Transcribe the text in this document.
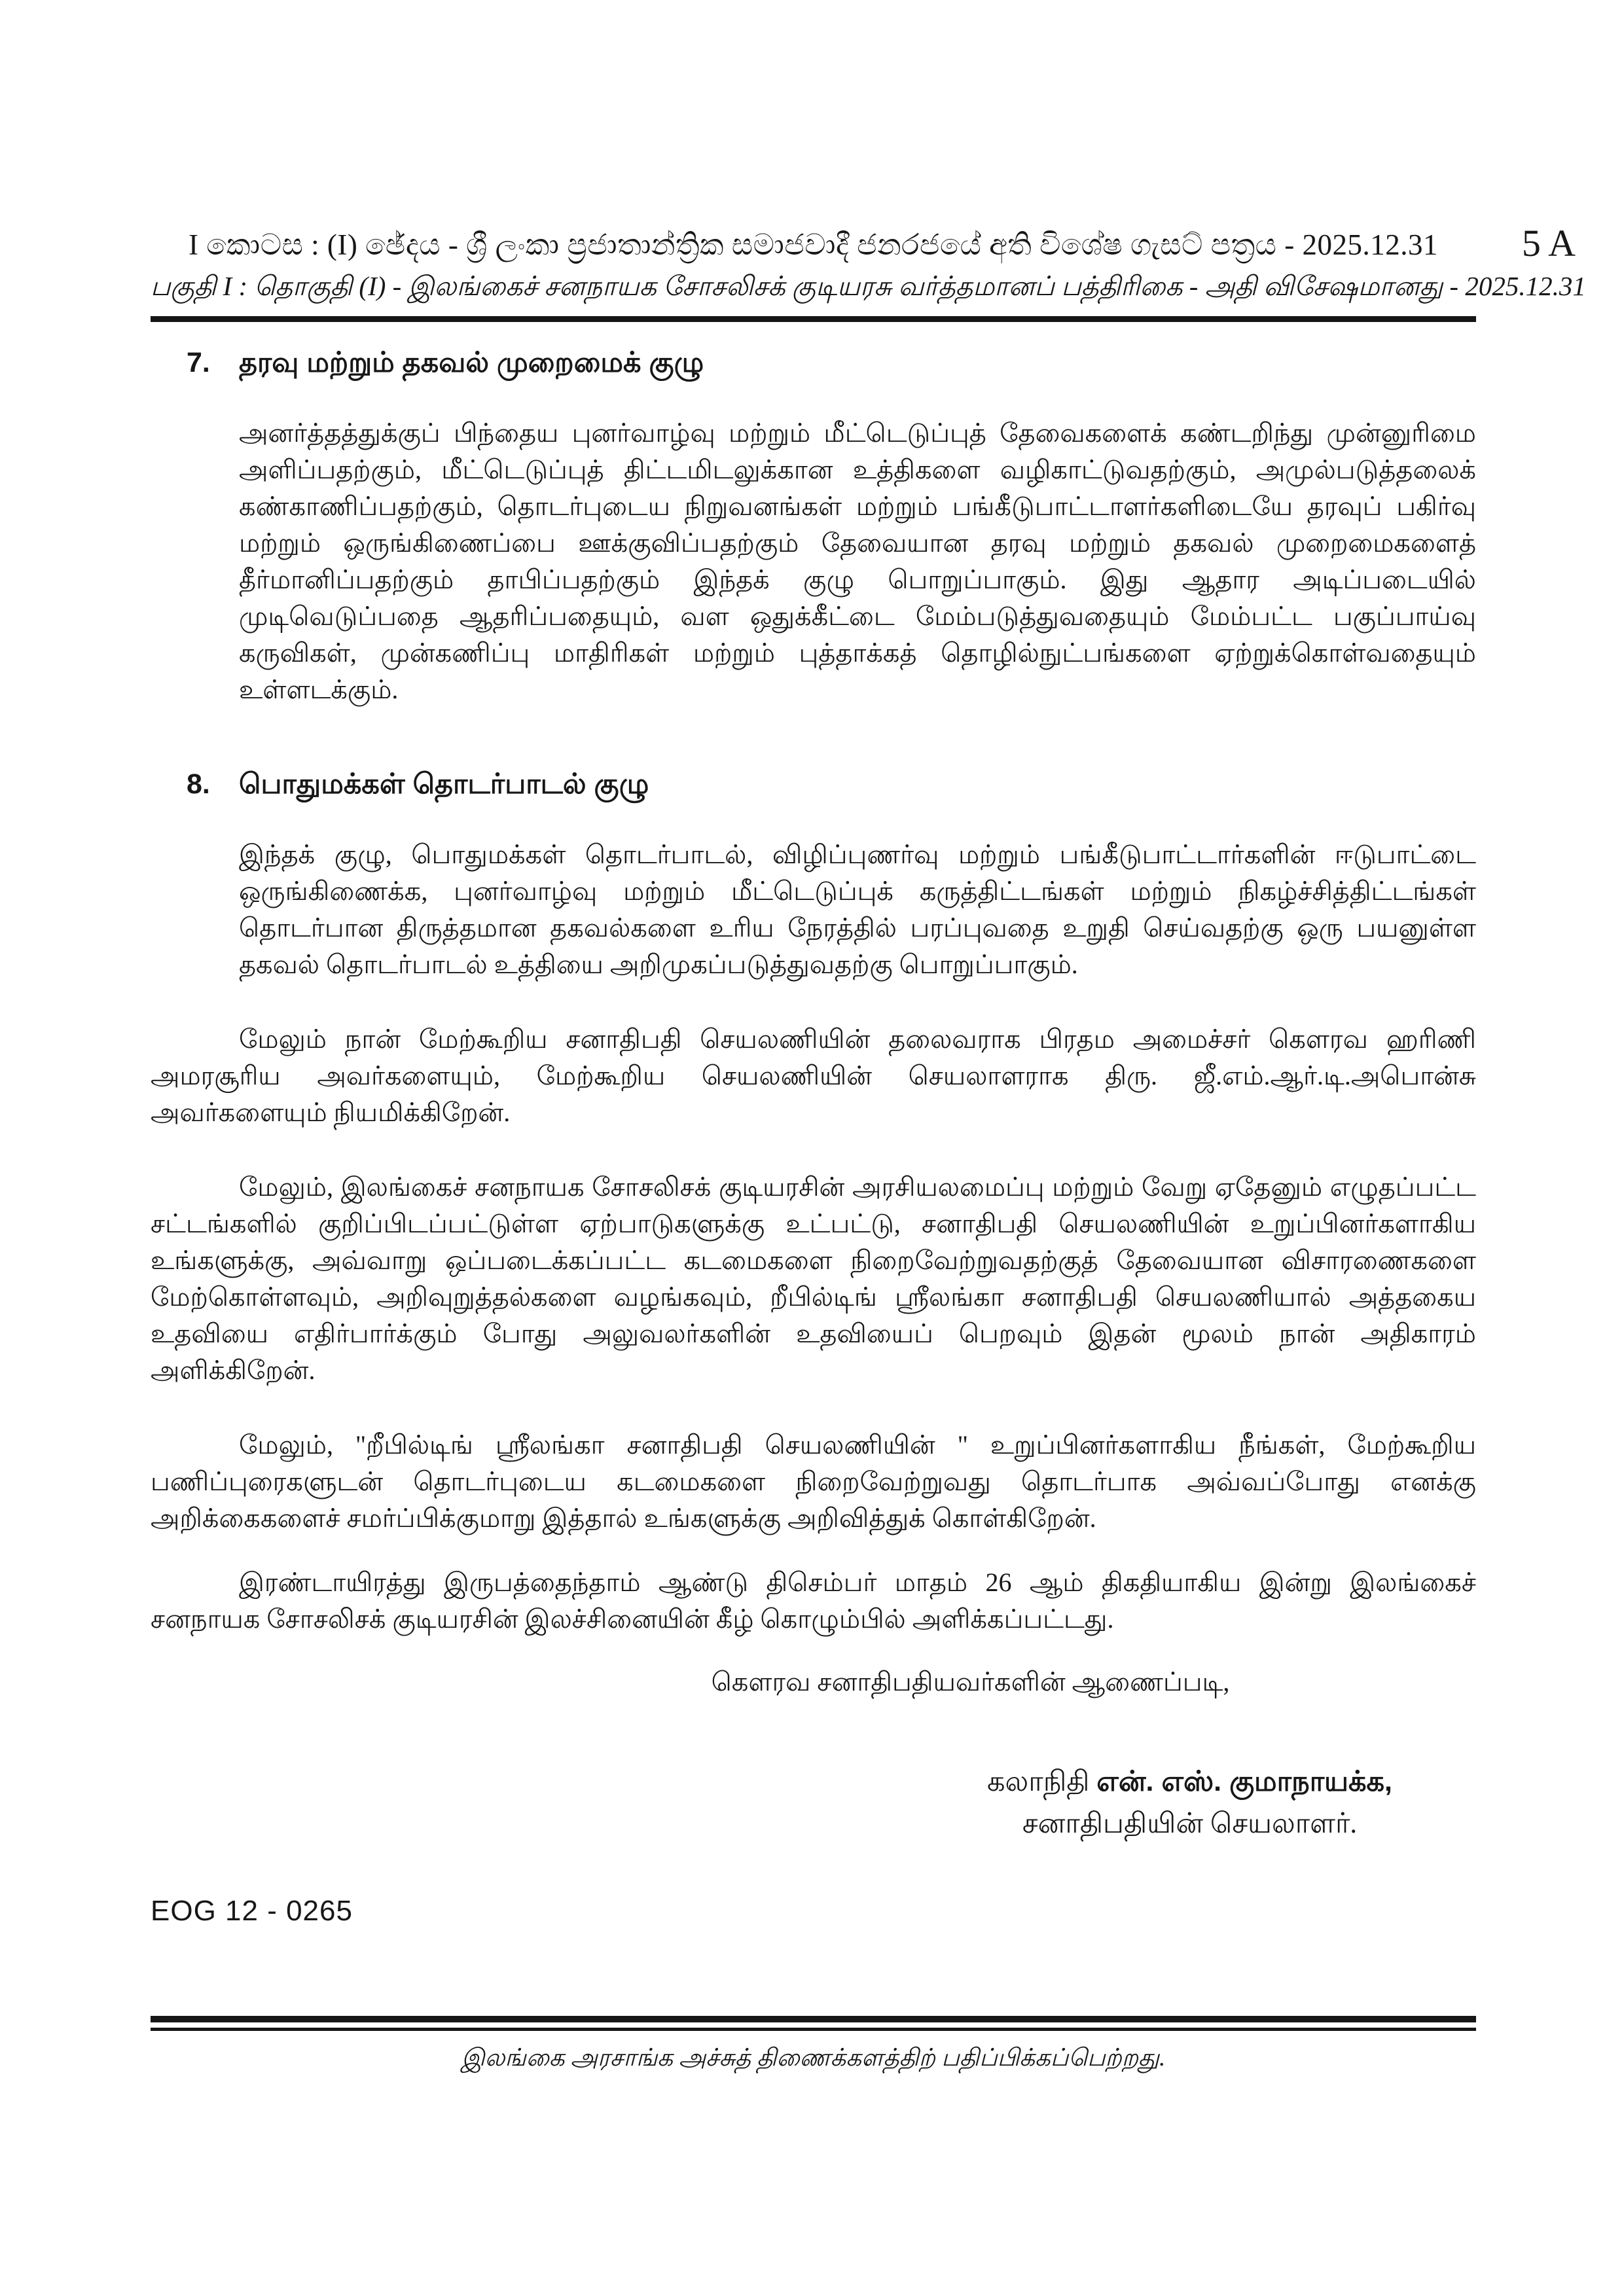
5 A
I කොටස : (I) ඡේදය - ශ්‍රී ලංකා ප්‍රජාතාන්ත්‍රික සමාජවාදී ජනරජයේ අති විශේෂ ගැසට් පත්‍රය - 2025.12.31
பகுதி I : தொகுதி (I) - இலங்கைச் சனநாயக சோசலிசக் குடியரசு வர்த்தமானப் பத்திரிகை - அதி விசேஷமானது - 2025.12.31
7.	தரவு மற்றும் தகவல் முறைமைக் குழு

அனர்த்தத்துக்குப் பிந்தைய புனர்வாழ்வு மற்றும் மீட்டெடுப்புத் தேவைகளைக் கண்டறிந்து முன்னுரிமை அளிப்பதற்கும், மீட்டெடுப்புத் திட்டமிடலுக்கான உத்திகளை வழிகாட்டுவதற்கும், அமுல்படுத்தலைக் கண்காணிப்பதற்கும், தொடர்புடைய நிறுவனங்கள் மற்றும் பங்கீடுபாட்டாளர்களிடையே தரவுப் பகிர்வு மற்றும் ஒருங்கிணைப்பை ஊக்குவிப்பதற்கும் தேவையான தரவு மற்றும் தகவல் முறைமைகளைத் தீர்மானிப்பதற்கும் தாபிப்பதற்கும் இந்தக் குழு பொறுப்பாகும். இது ஆதார அடிப்படையில் முடிவெடுப்பதை ஆதரிப்பதையும், வள ஒதுக்கீட்டை மேம்படுத்துவதையும் மேம்பட்ட பகுப்பாய்வு கருவிகள், முன்கணிப்பு மாதிரிகள் மற்றும் புத்தாக்கத் தொழில்நுட்பங்களை ஏற்றுக்கொள்வதையும் உள்ளடக்கும்.

8.	பொதுமக்கள் தொடர்பாடல் குழு

இந்தக் குழு, பொதுமக்கள் தொடர்பாடல், விழிப்புணர்வு மற்றும் பங்கீடுபாட்டார்களின் ஈடுபாட்டை ஒருங்கிணைக்க, புனர்வாழ்வு மற்றும் மீட்டெடுப்புக் கருத்திட்டங்கள் மற்றும் நிகழ்ச்சித்திட்டங்கள் தொடர்பான திருத்தமான தகவல்களை உரிய நேரத்தில் பரப்புவதை உறுதி செய்வதற்கு ஒரு பயனுள்ள தகவல் தொடர்பாடல் உத்தியை அறிமுகப்படுத்துவதற்கு பொறுப்பாகும்.

மேலும் நான் மேற்கூறிய சனாதிபதி செயலணியின் தலைவராக பிரதம அமைச்சர் கௌரவ ஹரிணி அமரசூரிய அவர்களையும், மேற்கூறிய செயலணியின் செயலாளராக திரு. ஜீ.எம்.ஆர்.டி.அபொன்சு அவர்களையும் நியமிக்கிறேன்.

மேலும், இலங்கைச் சனநாயக சோசலிசக் குடியரசின் அரசியலமைப்பு மற்றும் வேறு ஏதேனும் எழுதப்பட்ட சட்டங்களில் குறிப்பிடப்பட்டுள்ள ஏற்பாடுகளுக்கு உட்பட்டு, சனாதிபதி செயலணியின் உறுப்பினர்களாகிய உங்களுக்கு, அவ்வாறு ஒப்படைக்கப்பட்ட கடமைகளை நிறைவேற்றுவதற்குத் தேவையான விசாரணைகளை மேற்கொள்ளவும், அறிவுறுத்தல்களை வழங்கவும், றீபில்டிங் ஸ்ரீலங்கா சனாதிபதி செயலணியால் அத்தகைய உதவியை எதிர்பார்க்கும் போது அலுவலர்களின் உதவியைப் பெறவும் இதன் மூலம் நான் அதிகாரம் அளிக்கிறேன்.

மேலும், "றீபில்டிங் ஸ்ரீலங்கா சனாதிபதி செயலணியின் " உறுப்பினர்களாகிய நீங்கள், மேற்கூறிய பணிப்புரைகளுடன் தொடர்புடைய கடமைகளை நிறைவேற்றுவது தொடர்பாக அவ்வப்போது எனக்கு அறிக்கைகளைச் சமர்ப்பிக்குமாறு இத்தால் உங்களுக்கு அறிவித்துக் கொள்கிறேன்.

இரண்டாயிரத்து இருபத்தைந்தாம் ஆண்டு திசெம்பர் மாதம் 26 ஆம் திகதியாகிய இன்று இலங்கைச் சனநாயக சோசலிசக் குடியரசின் இலச்சினையின் கீழ் கொழும்பில் அளிக்கப்பட்டது.

கௌரவ சனாதிபதியவர்களின் ஆணைப்படி,
கலாநிதி என். எஸ். குமாநாயக்க,
சனாதிபதியின் செயலாளர்.
EOG 12 - 0265
இலங்கை அரசாங்க அச்சுத் திணைக்களத்திற் பதிப்பிக்கப்பெற்றது.
